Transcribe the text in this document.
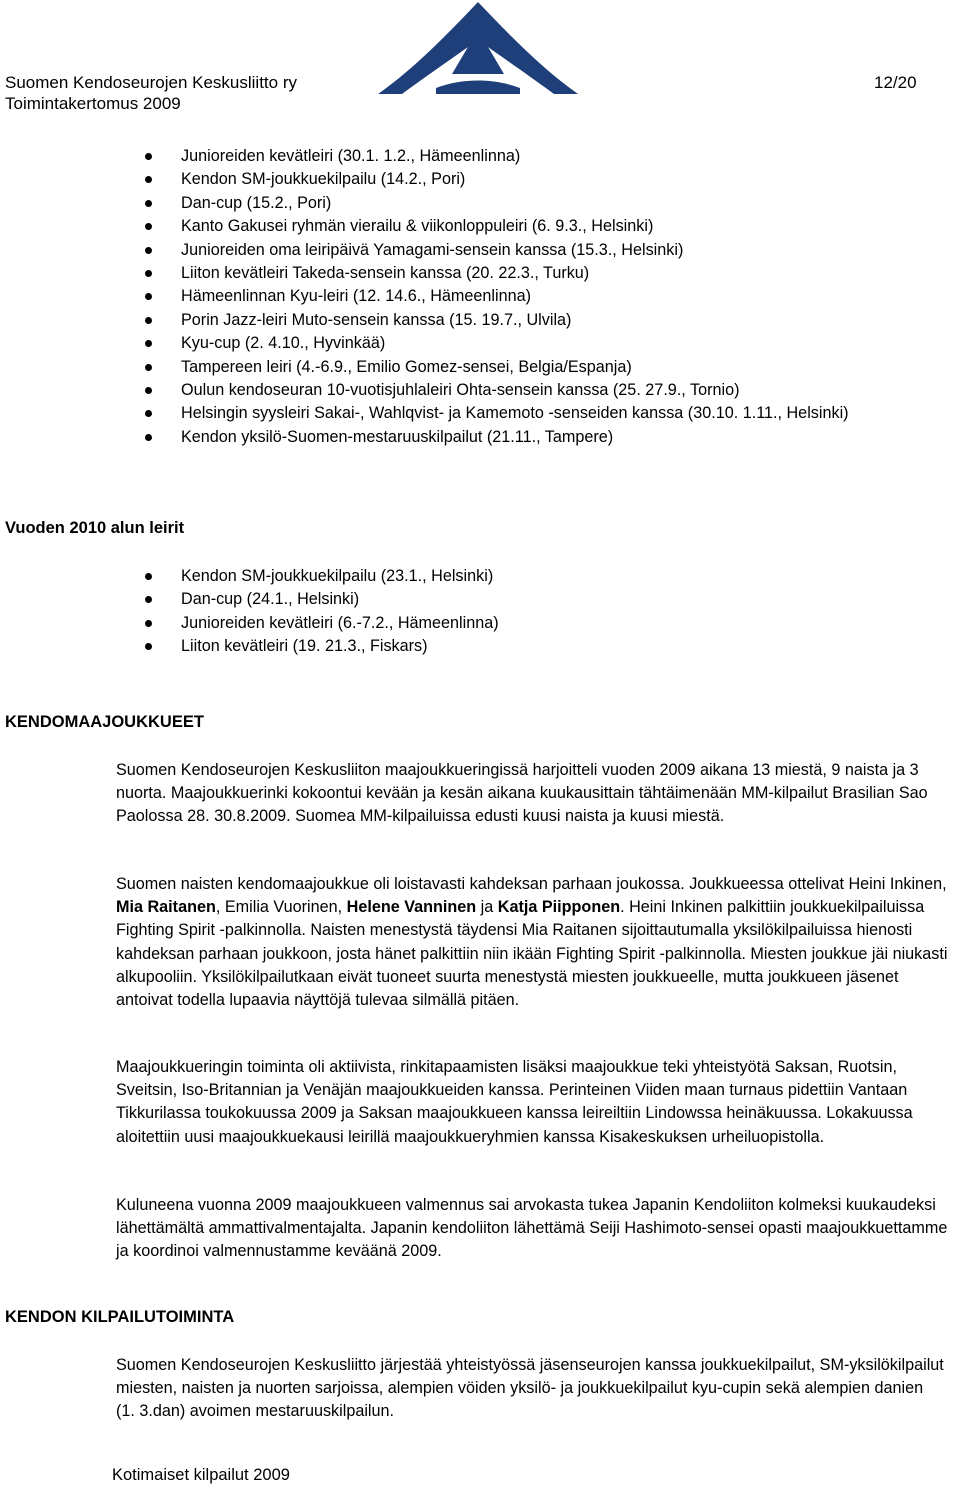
Suomen Kendoseurojen Keskusliitto ry
Toimintakertomus 2009
12/20
Junioreiden kevätleiri (30.1. 1.2., Hämeenlinna)
Kendon SM-joukkuekilpailu (14.2., Pori)
Dan-cup (15.2., Pori)
Kanto Gakusei ryhmän vierailu & viikonloppuleiri (6. 9.3., Helsinki)
Junioreiden oma leiripäivä Yamagami-sensein kanssa (15.3., Helsinki)
Liiton kevätleiri Takeda-sensein kanssa (20. 22.3., Turku)
Hämeenlinnan Kyu-leiri (12. 14.6., Hämeenlinna)
Porin Jazz-leiri Muto-sensein kanssa (15. 19.7., Ulvila)
Kyu-cup (2. 4.10., Hyvinkää)
Tampereen leiri (4.-6.9., Emilio Gomez-sensei, Belgia/Espanja)
Oulun kendoseuran 10-vuotisjuhlaleiri Ohta-sensein kanssa (25. 27.9., Tornio)
Helsingin syysleiri Sakai-, Wahlqvist- ja Kamemoto -senseiden kanssa (30.10. 1.11., Helsinki)
Kendon yksilö-Suomen-mestaruuskilpailut (21.11., Tampere)
Vuoden 2010 alun leirit
Kendon SM-joukkuekilpailu (23.1., Helsinki)
Dan-cup (24.1., Helsinki)
Junioreiden kevätleiri (6.-7.2., Hämeenlinna)
Liiton kevätleiri (19. 21.3., Fiskars)
KENDOMAAJOUKKUEET

Suomen Kendoseurojen Keskusliiton maajoukkueringissä harjoitteli vuoden 2009 aikana 13 miestä, 9 naista ja 3 nuorta. Maajoukkuerinki kokoontui kevään ja kesän aikana kuukausittain tähtäimenään MM-kilpailut Brasilian Sao Paolossa 28. 30.8.2009. Suomea MM-kilpailuissa edusti kuusi naista ja kuusi miestä.

Suomen naisten kendomaajoukkue oli loistavasti kahdeksan parhaan joukossa. Joukkueessa ottelivat Heini Inkinen, Mia Raitanen, Emilia Vuorinen, Helene Vanninen ja Katja Piipponen. Heini Inkinen palkittiin joukkuekilpailuissa Fighting Spirit -palkinnolla. Naisten menestystä täydensi Mia Raitanen sijoittautumalla yksilökilpailuissa hienosti kahdeksan parhaan joukkoon, josta hänet palkittiin niin ikään Fighting Spirit -palkinnolla. Miesten joukkue jäi niukasti alkupooliin. Yksilökilpailutkaan eivät tuoneet suurta menestystä miesten joukkueelle, mutta joukkueen jäsenet antoivat todella lupaavia näyttöjä tulevaa silmällä pitäen.

Maajoukkueringin toiminta oli aktiivista, rinkitapaamisten lisäksi maajoukkue teki yhteistyötä Saksan, Ruotsin, Sveitsin, Iso-Britannian ja Venäjän maajoukkueiden kanssa. Perinteinen Viiden maan turnaus pidettiin Vantaan Tikkurilassa toukokuussa 2009 ja Saksan maajoukkueen kanssa leireiltiin Lindowssa heinäkuussa. Lokakuussa aloitettiin uusi maajoukkuekausi leirillä maajoukkueryhmien kanssa Kisakeskuksen urheiluopistolla.

Kuluneena vuonna 2009 maajoukkueen valmennus sai arvokasta tukea Japanin Kendoliiton kolmeksi kuukaudeksi lähettämältä ammattivalmentajalta. Japanin kendoliiton lähettämä Seiji Hashimoto-sensei opasti maajoukkuettamme ja koordinoi valmennustamme keväänä 2009.

KENDON KILPAILUTOIMINTA

Suomen Kendoseurojen Keskusliitto järjestää yhteistyössä jäsenseurojen kanssa joukkuekilpailut, SM-yksilökilpailut miesten, naisten ja nuorten sarjoissa, alempien vöiden yksilö- ja joukkuekilpailut kyu-cupin sekä alempien danien (1. 3.dan) avoimen mestaruuskilpailun.

Kotimaiset kilpailut 2009
